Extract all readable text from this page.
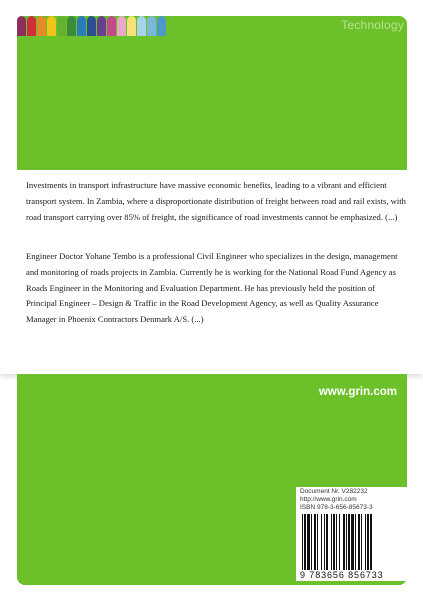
Technology

Investments in transport infrastructure have massive economic benefits, leading to a vibrant and efficient transport system. In Zambia, where a disproportionate distribution of freight between road and rail exists, with road transport carrying over 85% of freight, the significance of road investments cannot be emphasized. (...)

Engineer Doctor Yohane Tembo is a professional Civil Engineer who specializes in the design, management and monitoring of roads projects in Zambia. Currently he is working for the National Road Fund Agency as Roads Engineer in the Monitoring and Evaluation Department. He has previously held the position of Principal Engineer – Design & Traffic in the Road Development Agency, as well as Quality Assurance Manager in Phoenix Contractors Denmark A/S. (...)

www.grin.com
Document Nr. V282232
http://www.grin.com
ISBN 978-3-656-85673-3
9 783656 856733
